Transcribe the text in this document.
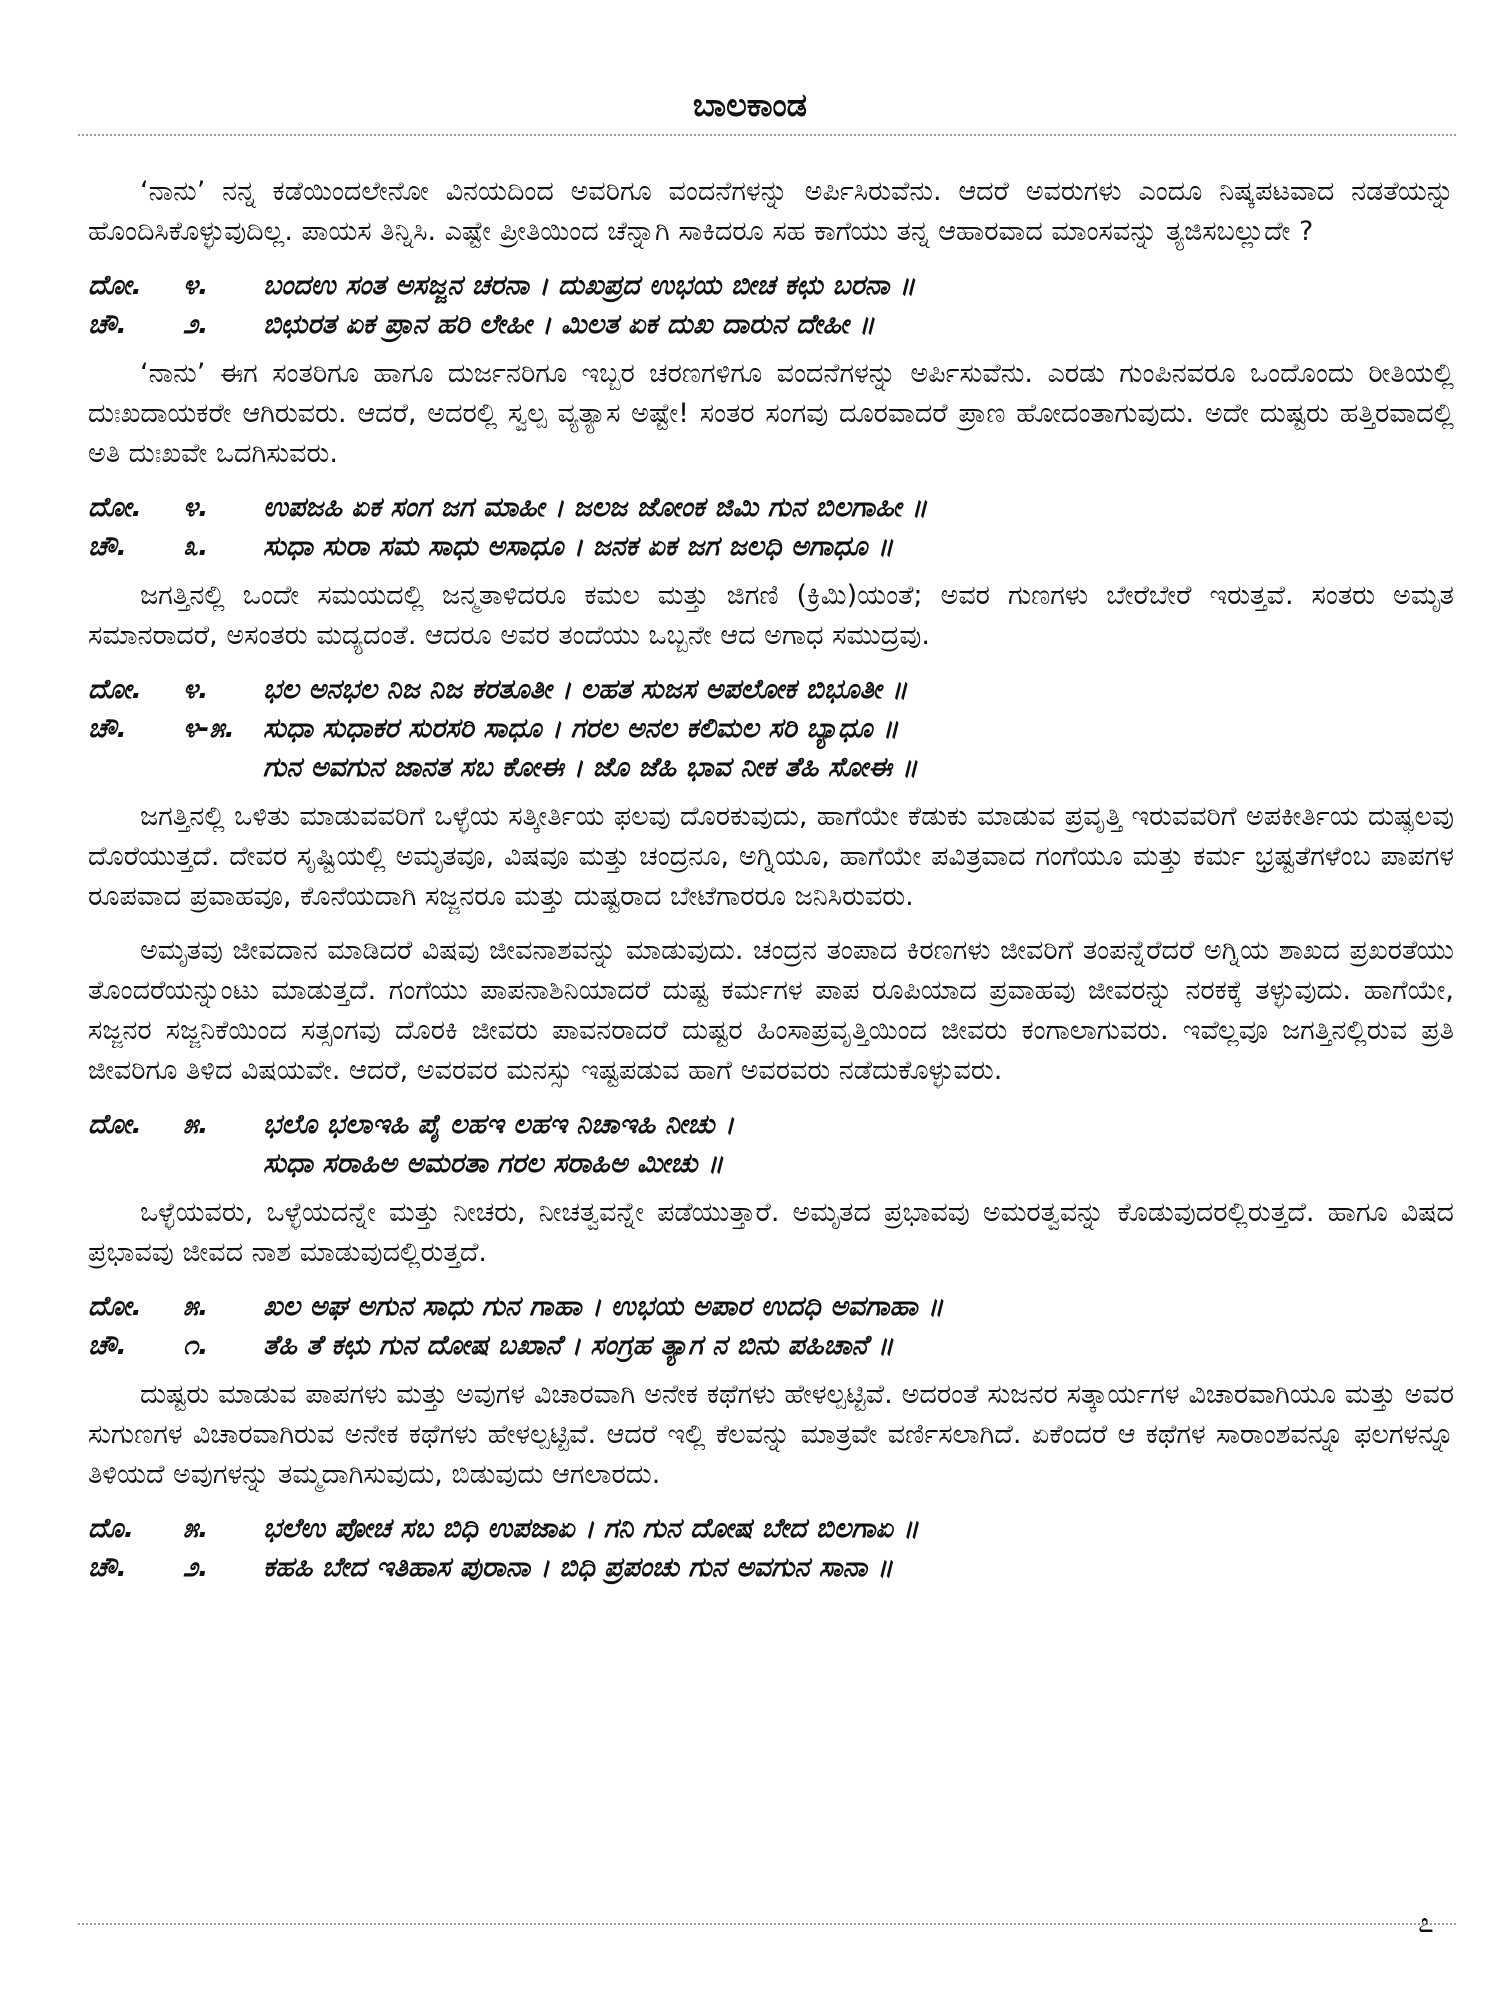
ಬಾಲಕಾಂಡ

‘ನಾನು’ ನನ್ನ ಕಡೆಯಿಂದಲೇನೋ ವಿನಯದಿಂದ ಅವರಿಗೂ ವಂದನೆಗಳನ್ನು ಅರ್ಪಿಸಿರುವೆನು. ಆದರೆ ಅವರುಗಳು ಎಂದೂ ನಿಷ್ಕಪಟವಾದ ನಡತೆಯನ್ನು ಹೊಂದಿಸಿಕೊಳ್ಳುವುದಿಲ್ಲ. ಪಾಯಸ ತಿನ್ನಿಸಿ. ಎಷ್ಟೇ ಪ್ರೀತಿಯಿಂದ ಚೆನ್ನಾಗಿ ಸಾಕಿದರೂ ಸಹ ಕಾಗೆಯು ತನ್ನ ಆಹಾರವಾದ ಮಾಂಸವನ್ನು ತ್ಯಜಿಸಬಲ್ಲುದೇ ?

ದೋ.	೪.	ಬಂದಉ ಸಂತ ಅಸಜ್ಜನ ಚರನಾ । ದುಖಪ್ರದ ಉಭಯ ಬೀಚ ಕಛು ಬರನಾ ॥
ಚೌ.	೨.	ಬಿಛುರತ ಏಕ ಪ್ರಾನ ಹರಿ ಲೇಹೀ । ಮಿಲತ ಏಕ ದುಖ ದಾರುನ ದೇಹೀ ॥

‘ನಾನು’ ಈಗ ಸಂತರಿಗೂ ಹಾಗೂ ದುರ್ಜನರಿಗೂ ಇಬ್ಬರ ಚರಣಗಳಿಗೂ ವಂದನೆಗಳನ್ನು ಅರ್ಪಿಸುವೆನು. ಎರಡು ಗುಂಪಿನವರೂ ಒಂದೊಂದು ರೀತಿಯಲ್ಲಿ ದುಃಖದಾಯಕರೇ ಆಗಿರುವರು. ಆದರೆ, ಅದರಲ್ಲಿ ಸ್ವಲ್ಪ ವ್ಯತ್ಯಾಸ ಅಷ್ಟೇ! ಸಂತರ ಸಂಗವು ದೂರವಾದರೆ ಪ್ರಾಣ ಹೋದಂತಾಗುವುದು. ಅದೇ ದುಷ್ಟರು ಹತ್ತಿರವಾದಲ್ಲಿ ಅತಿ ದುಃಖವೇ ಒದಗಿಸುವರು.

ದೋ.	೪.	ಉಪಜಹಿ ಏಕ ಸಂಗ ಜಗ ಮಾಹೀ । ಜಲಜ ಜೋಂಕ ಜಿಮಿ ಗುನ ಬಿಲಗಾಹೀ ॥
ಚೌ.	೩.	ಸುಧಾ ಸುರಾ ಸಮ ಸಾಧು ಅಸಾಧೂ । ಜನಕ ಏಕ ಜಗ ಜಲಧಿ ಅಗಾಧೂ ॥

ಜಗತ್ತಿನಲ್ಲಿ ಒಂದೇ ಸಮಯದಲ್ಲಿ ಜನ್ಮತಾಳಿದರೂ ಕಮಲ ಮತ್ತು ಜಿಗಣಿ (ಕ್ರಿಮಿ)ಯಂತೆ; ಅವರ ಗುಣಗಳು ಬೇರೆಬೇರೆ ಇರುತ್ತವೆ. ಸಂತರು ಅಮೃತ ಸಮಾನರಾದರೆ, ಅಸಂತರು ಮದ್ಯದಂತೆ. ಆದರೂ ಅವರ ತಂದೆಯು ಒಬ್ಬನೇ ಆದ ಅಗಾಧ ಸಮುದ್ರವು.

ದೋ.	೪.	ಭಲ ಅನಭಲ ನಿಜ ನಿಜ ಕರತೂತೀ । ಲಹತ ಸುಜಸ ಅಪಲೋಕ ಬಿಭೂತೀ ॥
ಚೌ.	೪-೫.	ಸುಧಾ ಸುಧಾಕರ ಸುರಸರಿ ಸಾಧೂ । ಗರಲ ಅನಲ ಕಲಿಮಲ ಸರಿ ಬ್ಯಾಧೂ ॥
ಗುನ ಅವಗುನ ಜಾನತ ಸಬ ಕೋಈ । ಜೊ ಜೆಹಿ ಭಾವ ನೀಕ ತೆಹಿ ಸೋಈ ॥

ಜಗತ್ತಿನಲ್ಲಿ ಒಳಿತು ಮಾಡುವವರಿಗೆ ಒಳ್ಳೆಯ ಸತ್ಕೀರ್ತಿಯ ಫಲವು ದೊರಕುವುದು, ಹಾಗೆಯೇ ಕೆಡುಕು ಮಾಡುವ ಪ್ರವೃತ್ತಿ ಇರುವವರಿಗೆ ಅಪಕೀರ್ತಿಯ ದುಷ್ಫಲವು ದೊರೆಯುತ್ತದೆ. ದೇವರ ಸೃಷ್ಟಿಯಲ್ಲಿ ಅಮೃತವೂ, ವಿಷವೂ ಮತ್ತು ಚಂದ್ರನೂ, ಅಗ್ನಿಯೂ, ಹಾಗೆಯೇ ಪವಿತ್ರವಾದ ಗಂಗೆಯೂ ಮತ್ತು ಕರ್ಮ ಭ್ರಷ್ಟತೆಗಳೆಂಬ ಪಾಪಗಳ ರೂಪವಾದ ಪ್ರವಾಹವೂ, ಕೊನೆಯದಾಗಿ ಸಜ್ಜನರೂ ಮತ್ತು ದುಷ್ಟರಾದ ಬೇಟೆಗಾರರೂ ಜನಿಸಿರುವರು.

ಅಮೃತವು ಜೀವದಾನ ಮಾಡಿದರೆ ವಿಷವು ಜೀವನಾಶವನ್ನು ಮಾಡುವುದು. ಚಂದ್ರನ ತಂಪಾದ ಕಿರಣಗಳು ಜೀವರಿಗೆ ತಂಪನ್ನೆರೆದರೆ ಅಗ್ನಿಯ ಶಾಖದ ಪ್ರಖರತೆಯು ತೊಂದರೆಯನ್ನುಂಟು ಮಾಡುತ್ತದೆ. ಗಂಗೆಯು ಪಾಪನಾಶಿನಿಯಾದರೆ ದುಷ್ಟ ಕರ್ಮಗಳ ಪಾಪ ರೂಪಿಯಾದ ಪ್ರವಾಹವು ಜೀವರನ್ನು ನರಕಕ್ಕೆ ತಳ್ಳುವುದು. ಹಾಗೆಯೇ, ಸಜ್ಜನರ ಸಜ್ಜನಿಕೆಯಿಂದ ಸತ್ಸಂಗವು ದೊರಕಿ ಜೀವರು ಪಾವನರಾದರೆ ದುಷ್ಟರ ಹಿಂಸಾಪ್ರವೃತ್ತಿಯಿಂದ ಜೀವರು ಕಂಗಾಲಾಗುವರು. ಇವೆಲ್ಲವೂ ಜಗತ್ತಿನಲ್ಲಿರುವ ಪ್ರತಿ ಜೀವರಿಗೂ ತಿಳಿದ ವಿಷಯವೇ. ಆದರೆ, ಅವರವರ ಮನಸ್ಸು ಇಷ್ಟಪಡುವ ಹಾಗೆ ಅವರವರು ನಡೆದುಕೊಳ್ಳುವರು.

ದೋ.	೫.	ಭಲೊ ಭಲಾಇಹಿ ಪೈ ಲಹಇ ಲಹಇ ನಿಚಾಇಹಿ ನೀಚು ।
ಸುಧಾ ಸರಾಹಿಅ ಅಮರತಾ ಗರಲ ಸರಾಹಿಅ ಮೀಚು ॥

ಒಳ್ಳೆಯವರು, ಒಳ್ಳೆಯದನ್ನೇ ಮತ್ತು ನೀಚರು, ನೀಚತ್ವವನ್ನೇ ಪಡೆಯುತ್ತಾರೆ. ಅಮೃತದ ಪ್ರಭಾವವು ಅಮರತ್ವವನ್ನು ಕೊಡುವುದರಲ್ಲಿರುತ್ತದೆ. ಹಾಗೂ ವಿಷದ ಪ್ರಭಾವವು ಜೀವದ ನಾಶ ಮಾಡುವುದಲ್ಲಿರುತ್ತದೆ.

ದೋ.	೫.	ಖಲ ಅಘ ಅಗುನ ಸಾಧು ಗುನ ಗಾಹಾ । ಉಭಯ ಅಪಾರ ಉದಧಿ ಅವಗಾಹಾ ॥
ಚೌ.	೧.	ತೆಹಿ ತೆ ಕಛು ಗುನ ದೋಷ ಬಖಾನೆ । ಸಂಗ್ರಹ ತ್ಯಾಗ ನ ಬಿನು ಪಹಿಚಾನೆ ॥

ದುಷ್ಟರು ಮಾಡುವ ಪಾಪಗಳು ಮತ್ತು ಅವುಗಳ ವಿಚಾರವಾಗಿ ಅನೇಕ ಕಥೆಗಳು ಹೇಳಲ್ಪಟ್ಟಿವೆ. ಅದರಂತೆ ಸುಜನರ ಸತ್ಕಾರ್ಯಗಳ ವಿಚಾರವಾಗಿಯೂ ಮತ್ತು ಅವರ ಸುಗುಣಗಳ ವಿಚಾರವಾಗಿರುವ ಅನೇಕ ಕಥೆಗಳು ಹೇಳಲ್ಪಟ್ಟಿವೆ. ಆದರೆ ಇಲ್ಲಿ ಕೆಲವನ್ನು ಮಾತ್ರವೇ ವರ್ಣಿಸಲಾಗಿದೆ. ಏಕೆಂದರೆ ಆ ಕಥೆಗಳ ಸಾರಾಂಶವನ್ನೂ ಫಲಗಳನ್ನೂ ತಿಳಿಯದೆ ಅವುಗಳನ್ನು ತಮ್ಮದಾಗಿಸುವುದು, ಬಿಡುವುದು ಆಗಲಾರದು.

ದೊ.	೫.	ಭಲೆಉ ಪೋಚ ಸಬ ಬಿಧಿ ಉಪಜಾಏ । ಗನಿ ಗುನ ದೋಷ ಬೇದ ಬಿಲಗಾಏ ॥
ಚೌ.	೨.	ಕಹಹಿ ಬೇದ ಇತಿಹಾಸ ಪುರಾನಾ । ಬಿಧಿ ಪ್ರಪಂಚು ಗುನ ಅವಗುನ ಸಾನಾ ॥
೭
